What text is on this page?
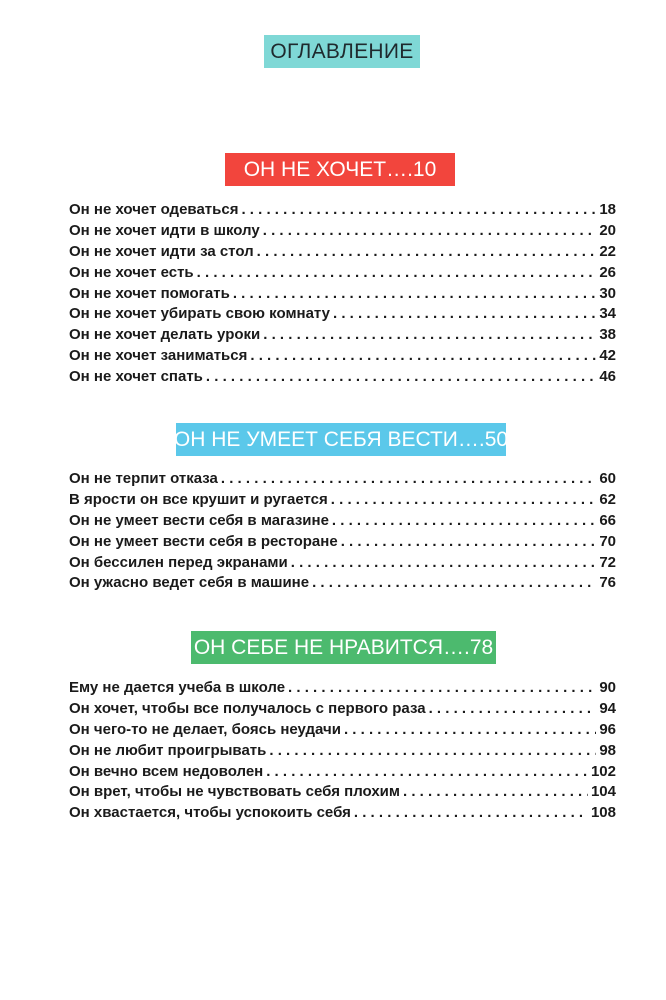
ОГЛАВЛЕНИЕ
ОН НЕ ХОЧЕТ….10
Он не хочет одеваться . . .	18
Он не хочет идти в школу . . .	20
Он не хочет идти за стол . . .	22
Он не хочет есть . . .	26
Он не хочет помогать . . .	30
Он не хочет убирать свою комнату . . .	34
Он не хочет делать уроки . . .	38
Он не хочет заниматься . . .	42
Он не хочет спать . . .	46
ОН НЕ УМЕЕТ СЕБЯ ВЕСТИ….50
Он не терпит отказа . . .	60
В ярости он все крушит и ругается . . .	62
Он не умеет вести себя в магазине . . .	66
Он не умеет вести себя в ресторане . . .	70
Он бессилен перед экранами . . .	72
Он ужасно ведет себя в машине . . .	76
ОН СЕБЕ НЕ НРАВИТСЯ….78
Ему не дается учеба в школе . . .	90
Он хочет, чтобы все получалось с первого раза . . .	94
Он чего-то не делает, боясь неудачи . . .	96
Он не любит проигрывать . . .	98
Он вечно всем недоволен . . .	102
Он врет, чтобы не чувствовать себя плохим . . .	104
Он хвастается, чтобы успокоить себя . . .	108
